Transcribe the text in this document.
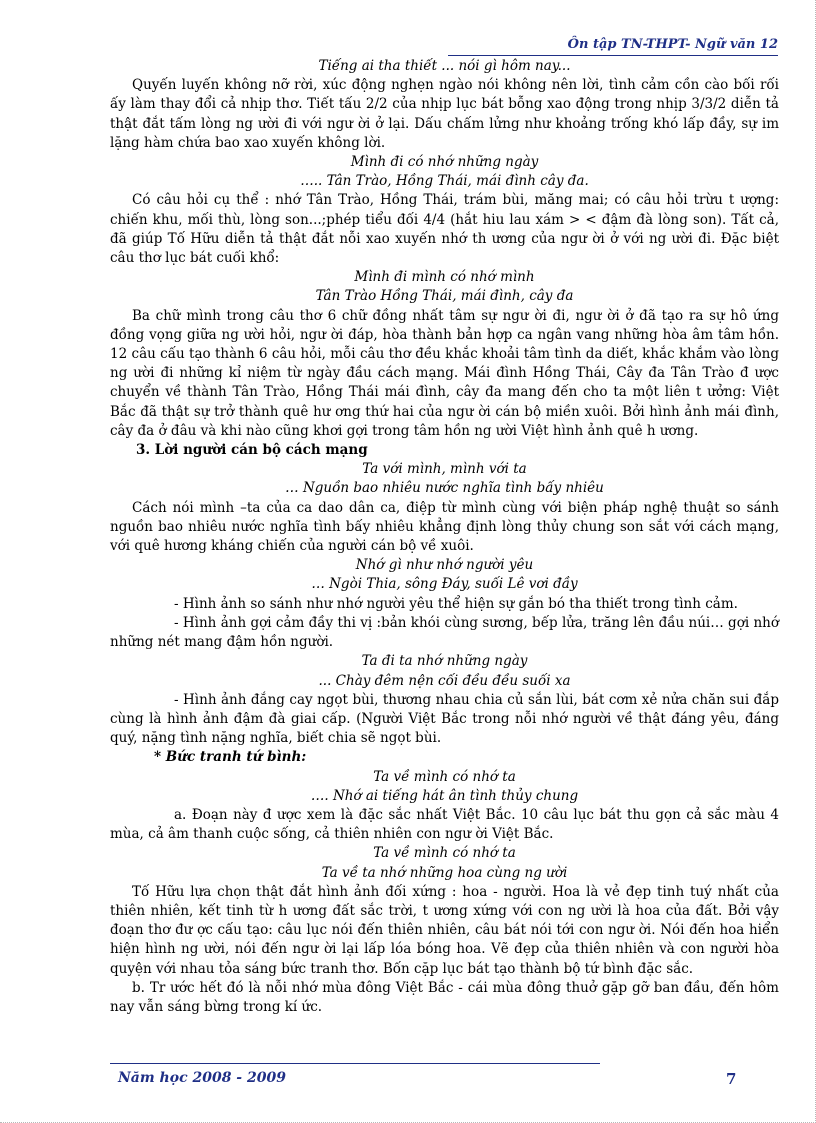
Ôn tập TN-THPT- Ngữ văn 12

Tiếng ai tha thiết ... nói gì hôm nay...

Quyến luyến không nỡ rời, xúc động nghẹn ngào nói không nên lời, tình cảm cồn cào bối rối ấy làm thay đổi cả nhịp thơ. Tiết tấu 2/2 của nhịp lục bát bỗng xao động trong nhịp 3/3/2 diễn tả thật đắt tấm lòng ng ười đi với ngư ời ở lại. Dấu chấm lửng như khoảng trống khó lấp đầy, sự im lặng hàm chứa bao xao xuyến không lời.

Mình đi có nhớ những ngày

….. Tân Trào, Hồng Thái, mái đình cây đa.

Có câu hỏi cụ thể : nhớ Tân Trào, Hồng Thái, trám bùi, măng mai; có câu hỏi trừu t ượng: chiến khu, mối thù, lòng son...;phép tiểu đối 4/4 (hắt hiu lau xám > < đậm đà lòng son). Tất cả, đã giúp Tố Hữu diễn tả thật đắt nỗi xao xuyến nhớ th ương của ngư ời ở với ng ười đi. Đặc biệt câu thơ lục bát cuối khổ:

Mình đi mình có nhớ mình

Tân Trào Hồng Thái, mái đình, cây đa

Ba chữ mình trong câu thơ 6 chữ đồng nhất tâm sự ngư ời đi, ngư ời ở đã tạo ra sự hô ứng đồng vọng giữa ng ười hỏi, ngư ời đáp, hòa thành bản hợp ca ngân vang những hòa âm tâm hồn. 12 câu cấu tạo thành 6 câu hỏi, mỗi câu thơ đều khắc khoải tâm tình da diết, khắc khắm vào lòng ng ười đi những kỉ niệm từ ngày đầu cách mạng. Mái đình Hồng Thái, Cây đa Tân Trào đ ược chuyển về thành Tân Trào, Hồng Thái mái đình, cây đa mang đến cho ta một liên t ưởng: Việt Bắc đã thật sự trở thành quê hư ơng thứ hai của ngư ời cán bộ miền xuôi. Bởi hình ảnh mái đình, cây đa ở đâu và khi nào cũng khơi gợi trong tâm hồn ng ười Việt hình ảnh quê h ương.

3. Lời người cán bộ cách mạng

Ta với mình, mình với ta

… Nguồn bao nhiêu nước nghĩa tình bấy nhiêu

Cách nói mình –ta của ca dao dân ca, điệp từ mình cùng với biện pháp nghệ thuật so sánh nguồn bao nhiêu nước nghĩa tình bấy nhiêu khẳng định lòng thủy chung son sắt với cách mạng, với quê hương kháng chiến của người cán bộ về xuôi.

Nhớ gì như nhớ người yêu

… Ngòi Thia, sông Đáy, suối Lê vơi đầy

- Hình ảnh so sánh như nhớ người yêu thể hiện sự gắn bó tha thiết trong tình cảm.

- Hình ảnh gợi cảm đầy thi vị :bản khói cùng sương, bếp lửa, trăng lên đầu núi… gợi nhớ những nét mang đậm hồn người.

Ta đi ta nhớ những ngày

... Chày đêm nện cối đều đều suối xa

- Hình ảnh đắng cay ngọt bùi, thương nhau chia củ sắn lùi, bát cơm xẻ nửa chăn sui đắp cùng là hình ảnh đậm đà giai cấp. (Người Việt Bắc trong nỗi nhớ người về thật đáng yêu, đáng quý, nặng tình nặng nghĩa, biết chia sẽ ngọt bùi.

* Bức tranh tứ bình:

Ta về mình có nhớ ta

…. Nhớ ai tiếng hát ân tình thủy chung

a. Đoạn này đ ược xem là đặc sắc nhất Việt Bắc. 10 câu lục bát thu gọn cả sắc màu 4 mùa, cả âm thanh cuộc sống, cả thiên nhiên con ngư ời Việt Bắc.

Ta về mình có nhớ ta

Ta về ta nhớ những hoa cùng ng ười

Tố Hữu lựa chọn thật đắt hình ảnh đối xứng : hoa - người. Hoa là vẻ đẹp tinh tuý nhất của thiên nhiên, kết tinh từ h ương đất sắc trời, t ương xứng với con ng ười là hoa của đất. Bởi vậy đoạn thơ đư ợc cấu tạo: câu lục nói đến thiên nhiên, câu bát nói tới con ngư ời. Nói đến hoa hiển hiện hình ng ười, nói đến ngư ời lại lấp lóa bóng hoa. Vẽ đẹp của thiên nhiên và con người hòa quyện với nhau tỏa sáng bức tranh thơ. Bốn cặp lục bát tạo thành bộ tứ bình đặc sắc.

b. Tr ước hết đó là nỗi nhớ mùa đông Việt Bắc - cái mùa đông thuở gặp gỡ ban đầu, đến hôm nay vẫn sáng bừng trong kí ức.

Năm học 2008 - 2009	7
